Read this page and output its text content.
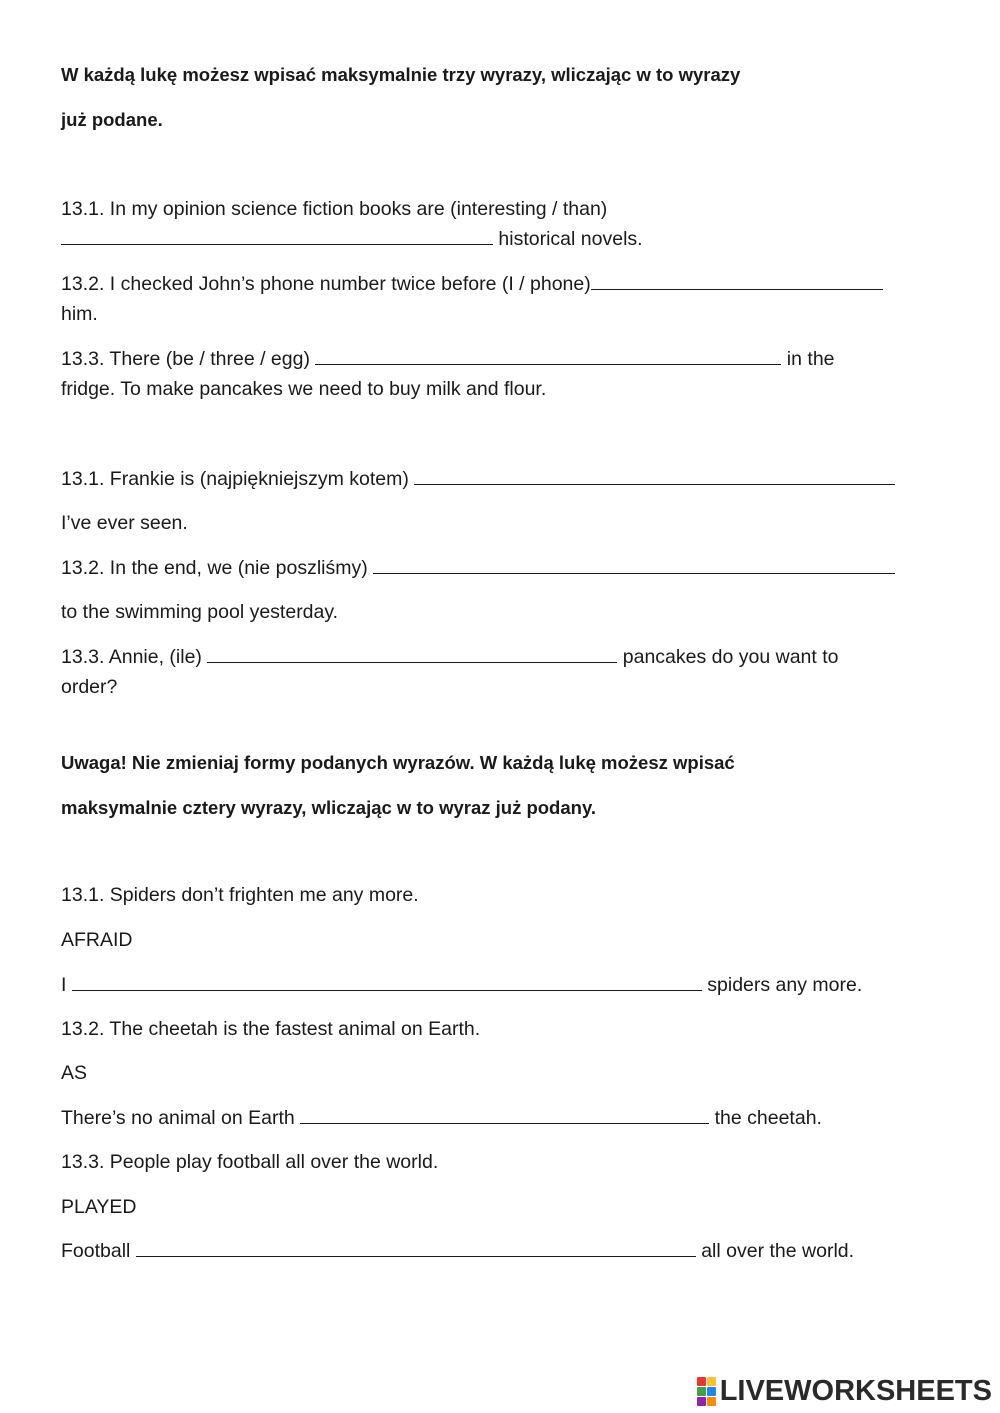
W każdą lukę możesz wpisać maksymalnie trzy wyrazy, wliczając w to wyrazy
już podane.
13.1. In my opinion science fiction books are (interesting / than)
historical novels.
13.2. I checked John’s phone number twice before (I / phone)
him.
13.3. There (be / three / egg)	in the
fridge. To make pancakes we need to buy milk and flour.
13.1. Frankie is (najpiękniejszym kotem)
I’ve ever seen.
13.2. In the end, we (nie poszliśmy)
to the swimming pool yesterday.
13.3. Annie, (ile)	pancakes do you want to
order?
Uwaga! Nie zmieniaj formy podanych wyrazów. W każdą lukę możesz wpisać
maksymalnie cztery wyrazy, wliczając w to wyraz już podany.
13.1. Spiders don’t frighten me any more.
AFRAID
I	spiders any more.
13.2. The cheetah is the fastest animal on Earth.
AS
There’s no animal on Earth	the cheetah.
13.3. People play football all over the world.
PLAYED
Football	all over the world.
LIVEWORKSHEETS
